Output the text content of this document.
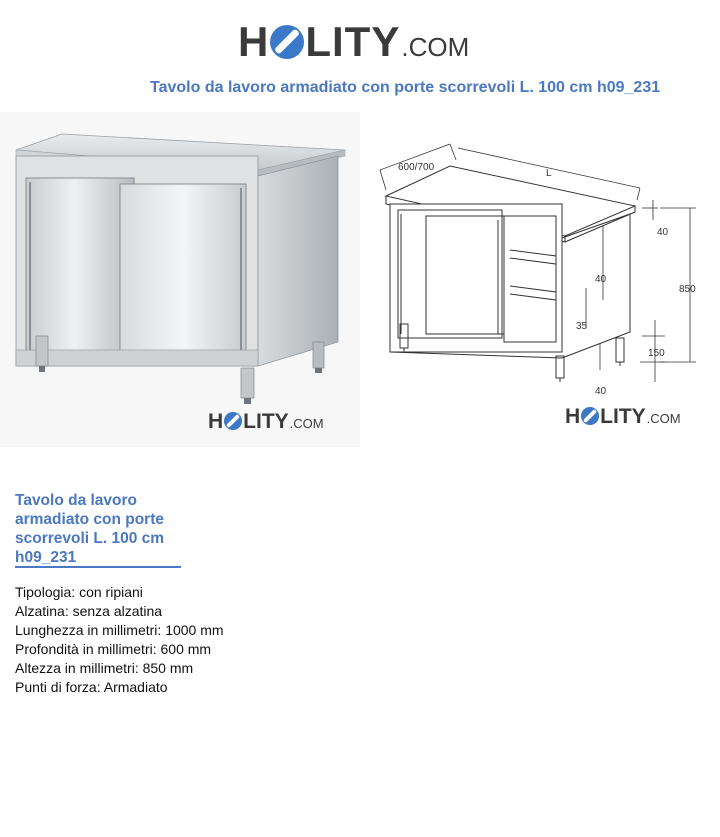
H LITY .COM
Tavolo da lavoro armadiato con porte scorrevoli L. 100 cm h09_231
H LITY .COM
600/700
L
40
850
40
35
150
40
H LITY .COM
Tavolo da lavoro armadiato con porte scorrevoli L. 100 cm h09_231
Tipologia: con ripiani
Alzatina: senza alzatina
Lunghezza in millimetri: 1000 mm
Profondità in millimetri: 600 mm
Altezza in millimetri: 850 mm
Punti di forza: Armadiato
